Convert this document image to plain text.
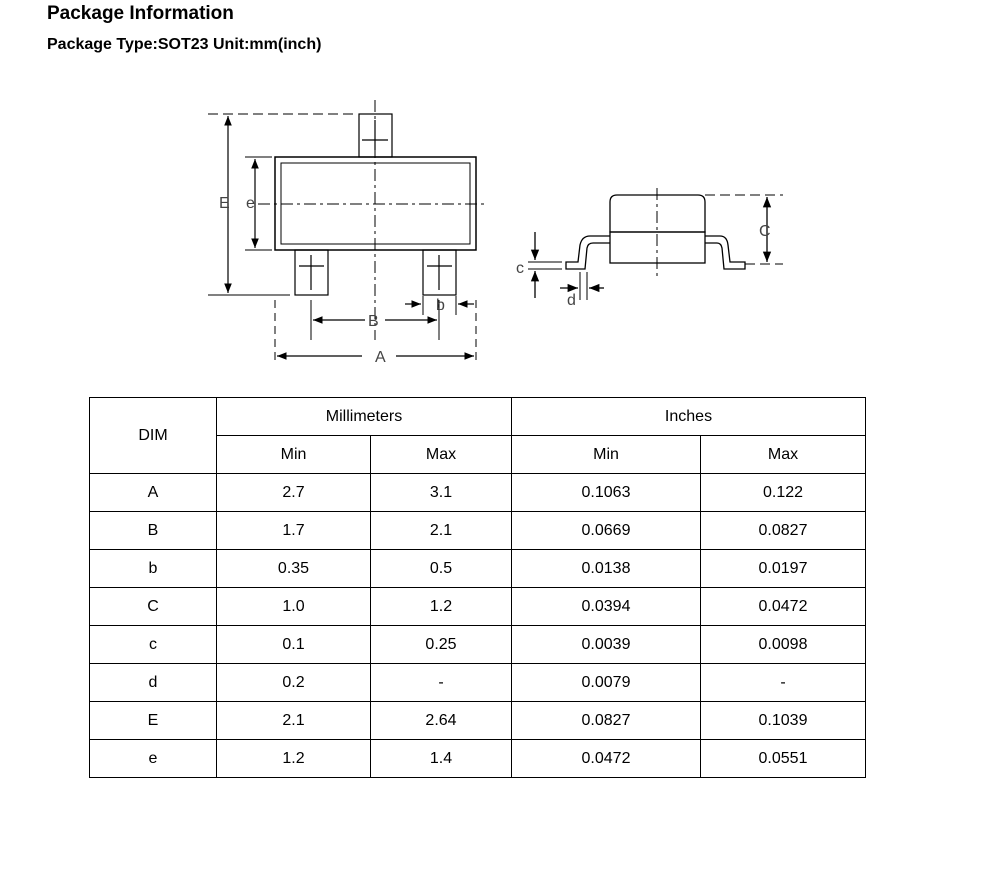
Package Information
Package Type:SOT23 Unit:mm(inch)
E e
B
b
A
C
c
d
DIM	Millimeters		Inches	
	Min	Max	Min	Max
A	2.7	3.1	0.1063	0.122
B	1.7	2.1	0.0669	0.0827
b	0.35	0.5	0.0138	0.0197
C	1.0	1.2	0.0394	0.0472
c	0.1	0.25	0.0039	0.0098
d	0.2	-	0.0079	-
E	2.1	2.64	0.0827	0.1039
e	1.2	1.4	0.0472	0.0551
